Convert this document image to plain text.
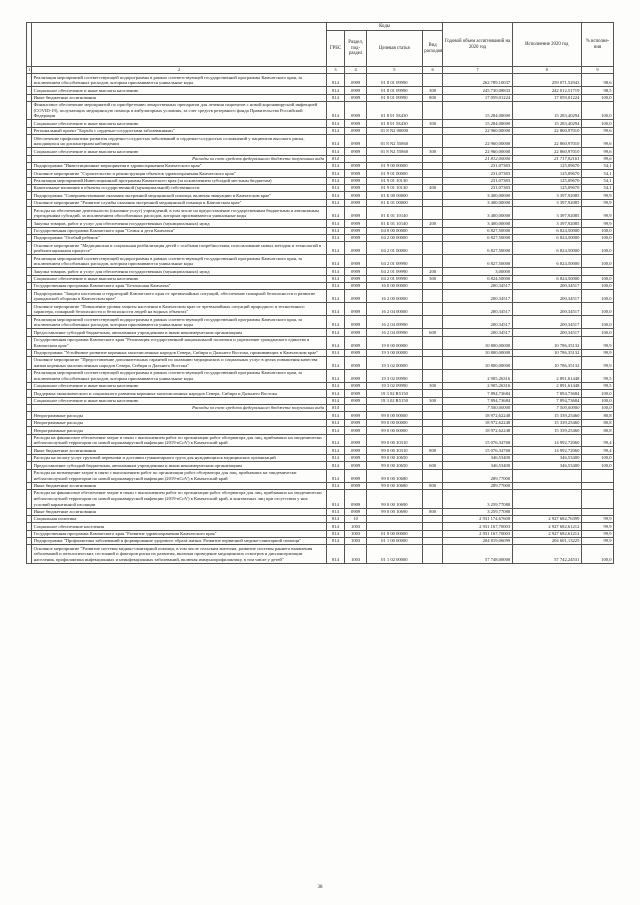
		Коды				Годовой объем ассигнований на 2020 год	Исполнение 2020 год	% исполне-ния
		ГРБС	Раздел, под-раздел	Целевая статья	Вид расходов			
1	2	3	4	5	6	7	8	9
	Реализация мероприятий соответствующей подпрограммы в рамках соответствующей государственной программы Камчатского края, за исключением обособленных расходов, которым присваиваются уникальные коды	814	0909	01 8 01 09990		262 789,10037	259 071,52943	98,6
	Социальное обеспечение и иные выплаты населению	814	0909	01 8 01 09990	300	245 730,08833	242 012,51719	98,5
	Иные бюджетные ассигнования	814	0909	01 8 01 09990	800	17 059,01224	17 059,01224	100,0
	Финансовое обеспечение мероприятий по приобретению лекарственных препаратов для лечения пациентов с новой коронавирусной инфекцией (COVID-19), получающих медицинскую помощь в амбулаторных условиях, за счет средств резервного фонда Правительства Российской Федерации	814	0909	01 8 01 5Б430		15 284,00000	15 283,40294	100,0
	Социальное обеспечение и иные выплаты населению	814	0909	01 8 01 5Б430	300	15 284,00000	15 283,40294	100,0
	Региональный проект "Борьба с сердечно-сосудистыми заболеваниями"	814	0909	01 8 N2 00000		22 960,00000	22 860,97010	99,6
	Обеспечение профилактики развития сердечно-сосудистых заболеваний и сердечно-сосудистых осложнений у пациентов высокого риска, находящихся на диспансерном наблюдении	814	0909	01 8 N2 55860		22 960,00000	22 860,97010	99,6
	Социальное обеспечение и иные выплаты населению	814	0909	01 8 N2 55860	300	22 960,00000	22 860,97010	99,6
	Расходы за счет средств федерального бюджета полученных вида	814				21 812,00000	21 717,92161	99,6
	Подпрограмма "Инвестиционные мероприятия в здравоохранении Камчатского края"	814	0909	01 9 00 00000		231,07383	125,09670	54,1
	Основное мероприятие "Строительство и реконструкция объектов здравоохранения Камчатского края"	814	0909	01 9 01 00000		231,07383	125,09670	54,1
	Реализация мероприятий Инвестиционной программы Камчатского края (за исключением субсидий местным бюджетам)	814	0909	01 9 01 10130		231,07383	125,09670	54,1
	Капитальные вложения в объекты государственной (муниципальной) собственности	814	0909	01 9 01 10130	400	231,07383	125,09670	54,1
	Подпрограмма "Совершенствование оказания экстренной медицинской помощи, включая эвакуацию в Камчатском крае"	814	0909	01 Б 00 00000		3 400,00000	3 397,92085	99,9
	Основное мероприятие "Развитие службы оказания экстренной медицинской помощи в Камчатском крае"	814	0909	01 Б 01 00000		3 400,00000	3 397,92085	99,9
	Расходы на обеспечение деятельности (оказание услуг) учреждений, в том числе на предоставление государственным бюджетным и автономным учреждениям субсидий, за исключением обособленных расходов, которым присваиваются уникальные коды	814	0909	01 Б 01 10140		3 400,00000	3 397,92085	99,9
	Закупка товаров, работ и услуг для обеспечения государственных (муниципальных) нужд	814	0909	01 Б 01 10140	200	3 400,00000	3 397,92085	99,9
	Государственная программа Камчатского края "Семья и дети Камчатки"	814	0909	04 0 00 00000		6 827,50000	6 824,50000	100,0
	Подпрограмма "Особый ребенок"	814	0909	04 2 00 00000		6 827,50000	6 824,50000	100,0
	Основное мероприятие "Медицинская и социальная реабилитация детей с особыми потребностями, использование новых методик и технологий в реабилитационном процессе"	814	0909	04 2 01 00000		6 827,50000	6 824,50000	100,0
	Реализация мероприятий соответствующей подпрограммы в рамках соответствующей государственной программы Камчатского края, за исключением обособленных расходов, которым присваиваются уникальные коды	814	0909	04 2 01 09990		6 827,50000	6 824,50000	100,0
	Закупка товаров, работ и услуг для обеспечения государственных (муниципальных) нужд	814	0909	04 2 01 09990	200	3,00000		
	Социальное обеспечение и иные выплаты населению	814	0909	04 2 01 09990	300	6 824,50000	6 824,50000	100,0
	Государственная программа Камчатского края "Безопасная Камчатка"	814	0909	16 0 00 00000		200,34517	200,34517	100,0
	Подпрограмма "Защита населения и территорий Камчатского края от чрезвычайных ситуаций, обеспечение пожарной безопасности и развитие гражданской обороны в Камчатском крае"	814	0909	16 2 00 00000		200,34517	200,34517	100,0
	Основное мероприятие "Повышение уровня защиты населения в Камчатском крае от чрезвычайных ситуаций природного и техногенного характера, пожарной безопасности и безопасности людей на водных объектах"	814	0909	16 2 04 00000		200,34517	200,34517	100,0
	Реализация мероприятий соответствующей подпрограммы в рамках соответствующей государственной программы Камчатского края, за исключением обособленных расходов, которым присваиваются уникальные коды	814	0909	16 2 04 09990		200,34517	200,34517	100,0
	Предоставление субсидий бюджетным, автономным учреждениям и иным некоммерческим организациям	814	0909	16 2 04 09990	600	200,34517	200,34517	100,0
	Государственная программа Камчатского края "Реализация государственной национальной политики и укрепление гражданского единства в Камчатском крае"	814	0909	19 0 00 00000		10 800,00000	10 786,35132	99,9
	Подпрограмма "Устойчивое развитие коренных малочисленных народов Севера, Сибири и Дальнего Востока, проживающих в Камчатском крае"	814	0909	19 3 00 00000		10 800,00000	10 786,35132	99,9
	Основное мероприятие "Предоставление дополнительных гарантий по оказанию медицинских и социальных услуг в целях повышения качества жизни коренных малочисленных народов Севера, Сибири и Дальнего Востока"	814	0909	19 3 02 00000		10 800,00000	10 786,35132	99,9
	Реализация мероприятий соответствующей подпрограммы в рамках соответствующей государственной программы Камчатского края, за исключением обособленных расходов, которым присваиваются уникальные коды	814	0909	19 3 02 09990		2 905,26316	2 891,61448	99,5
	Социальное обеспечение и иные выплаты населению	814	0909	19 3 02 09990	300	2 905,26316	2 891,61448	99,5
	Поддержка экономического и социального развития коренных малочисленных народов Севера, Сибири и Дальнего Востока	814	0909	19 3 02 R5150		7 894,73684	7 894,73684	100,0
	Социальное обеспечение и иные выплаты населению	814	0909	19 3 02 R5150	300	7 894,73684	7 894,73684	100,0
	Расходы за счет средств федерального бюджета полученных вида	814				7 500,00000	7 500,00000	100,0
	Непрограммные расходы	814	0909	99 0 00 00000		18 972,62248	15 339,25460	80,8
	Непрограммные расходы	814	0909	99 0 00 00000		18 972,62248	15 339,25460	80,8
	Непрограммные расходы	814	0909	99 0 00 00000		18 972,62248	15 339,25460	80,8
	Расходы на финансовое обеспечение затрат в связи с выполнением работ по организации работ обсерватора для лиц, прибывших на эпидемически неблагополучной территории по новой коронавирусной инфекции (2019-nCoV) в Камчатский край	814	0909	99 0 00 10310		15 076,34768	14 992,72060	99,4
	Иные бюджетные ассигнования	814	0909	99 0 00 10310	800	15 076,34768	14 992,72060	99,4
	Расходы на оплату услуг грузовой перевозки и доставки гуманитарного груза для нуждающихся медицинских организаций	814	0909	99 0 00 10650		346,53400	346,53400	100,0
	Предоставление субсидий бюджетным, автономным учреждениям и иным некоммерческим организациям	814	0909	99 0 00 10650	600	346,53400	346,53400	100,0
	Расходы на возмещение затрат в связи с выполнением работ по организации работ обсерватора для лиц, прибывших на эпидемически неблагополучной территории по новой коронавирусной инфекции (2019-nCoV) в Камчатский край	814	0909	99 0 00 10680		289,77000		
	Иные бюджетные ассигнования	814	0909	99 0 00 10680	800	289,77000		
	Расходы на финансовое обеспечение затрат в связи с выполнением работ по организации работ обсерватора для лиц, прибывших на эпидемически неблагополучной территории по новой коронавирусной инфекции (2019-nCoV) в Камчатский край, и контактных лиц при отсутствии у них условий карантинной изоляции	814	0909	99 0 00 10690		3 259,77080		
	Иные бюджетные ассигнования	814	0909	99 0 00 10690	800	3 259,77080		
	Социальная политика	814	10			2 931 174,67608	2 927 682,76399	99,9
	Социальное обеспечение населения	814	1003			2 931 167,70003	2 927 682,61212	99,9
	Государственная программа Камчатского края "Развитие здравоохранения Камчатского края"	814	1003	01 0 00 00000		2 931 167,70003	2 927 682,61212	99,9
	Подпрограмма "Профилактика заболеваний и формирование здорового образа жизни. Развитие первичной медико-санитарной помощи"	814	1003	01 1 00 00000		204 819,06099	204 601,13225	99,9
	Основное мероприятие "Развитие системы медико-санитарной помощи, в том числе сельским жителям, развитие системы раннего выявления заболеваний и патологических состояний и факторов риска их развития, включая проведение медицинских осмотров и диспансеризации населения, профилактика инфекционных и неинфекционных заболеваний, включая иммунопрофилактику, в том числе у детей"	814	1003	01 1 02 00000		57 748,00000	57 742,24531	100,0
38
